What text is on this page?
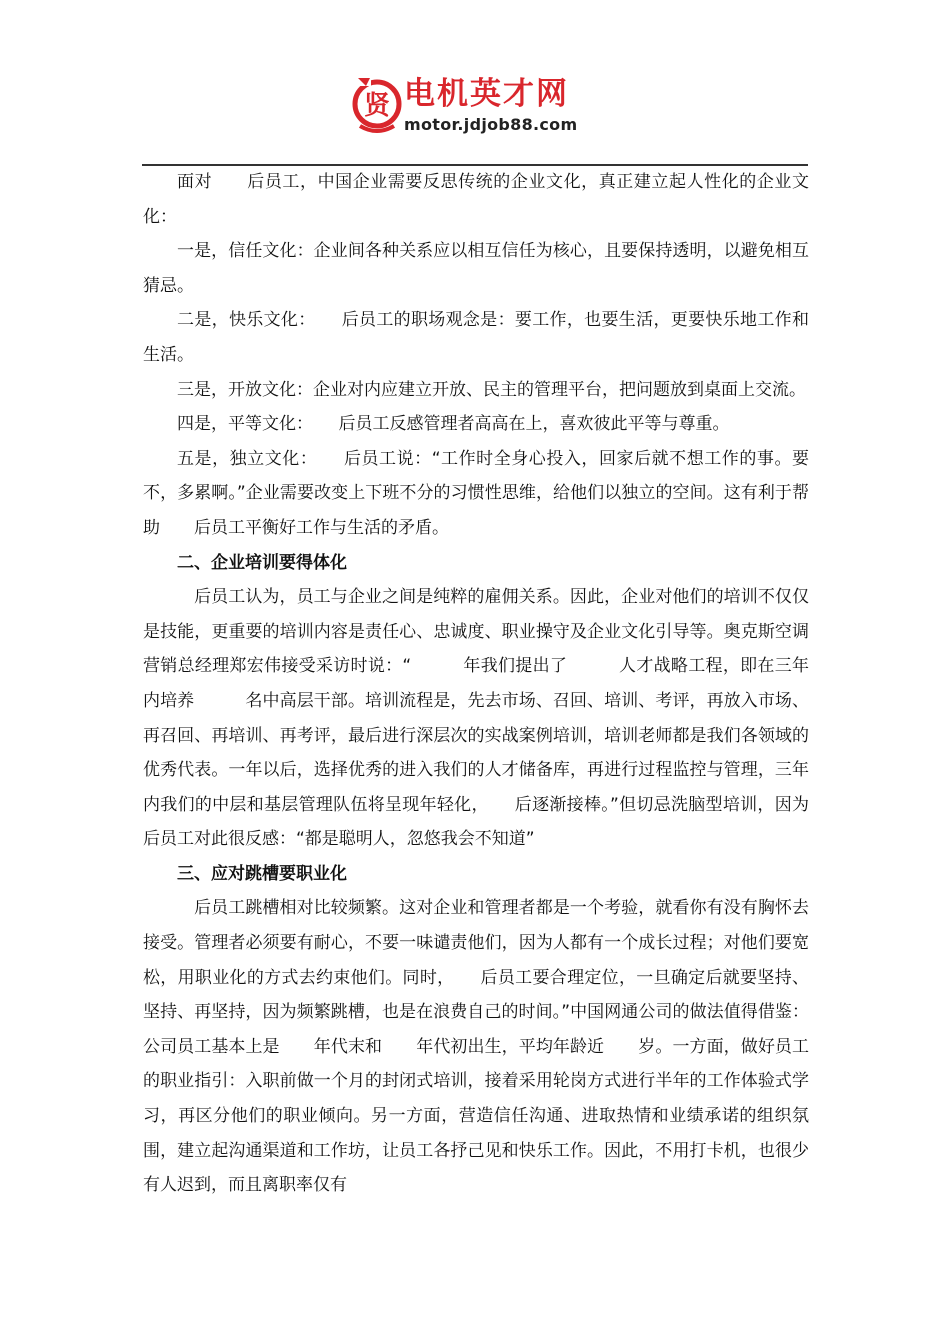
贤 电机英才网
motor.jdjob88.com

面对　　后员工，中国企业需要反思传统的企业文化，真正建立起人性化的企业文化：

一是，信任文化：企业间各种关系应以相互信任为核心，且要保持透明，以避免相互猜忌。

二是，快乐文化：　　后员工的职场观念是：要工作，也要生活，更要快乐地工作和生活。

三是，开放文化：企业对内应建立开放、民主的管理平台，把问题放到桌面上交流。

四是，平等文化：　　后员工反感管理者高高在上，喜欢彼此平等与尊重。

五是，独立文化：　　后员工说：“工作时全身心投入，回家后就不想工作的事。要不，多累啊。”企业需要改变上下班不分的习惯性思维，给他们以独立的空间。这有利于帮助　　后员工平衡好工作与生活的矛盾。

二、企业培训要得体化

　后员工认为，员工与企业之间是纯粹的雇佣关系。因此，企业对他们的培训不仅仅是技能，更重要的培训内容是责任心、忠诚度、职业操守及企业文化引导等。奥克斯空调营销总经理郑宏伟接受采访时说：“　　　年我们提出了　　　人才战略工程，即在三年内培养　　　名中高层干部。培训流程是，先去市场、召回、培训、考评，再放入市场、再召回、再培训、再考评，最后进行深层次的实战案例培训，培训老师都是我们各领域的优秀代表。一年以后，选择优秀的进入我们的人才储备库，再进行过程监控与管理，三年内我们的中层和基层管理队伍将呈现年轻化，　　后逐渐接棒。”但切忌洗脑型培训，因为　　后员工对此很反感：“都是聪明人，忽悠我会不知道”

三、应对跳槽要职业化

　后员工跳槽相对比较频繁。这对企业和管理者都是一个考验，就看你有没有胸怀去接受。管理者必须要有耐心，不要一味谴责他们，因为人都有一个成长过程；对他们要宽松，用职业化的方式去约束他们。同时，　　后员工要合理定位，一旦确定后就要坚持、坚持、再坚持，因为频繁跳槽，也是在浪费自己的时间。”中国网通公司的做法值得借鉴：公司员工基本上是　　年代末和　　年代初出生，平均年龄近　　岁。一方面，做好员工的职业指引：入职前做一个月的封闭式培训，接着采用轮岗方式进行半年的工作体验式学习，再区分他们的职业倾向。另一方面，营造信任沟通、进取热情和业绩承诺的组织氛围，建立起沟通渠道和工作坊，让员工各抒己见和快乐工作。因此，不用打卡机，也很少有人迟到，而且离职率仅有
